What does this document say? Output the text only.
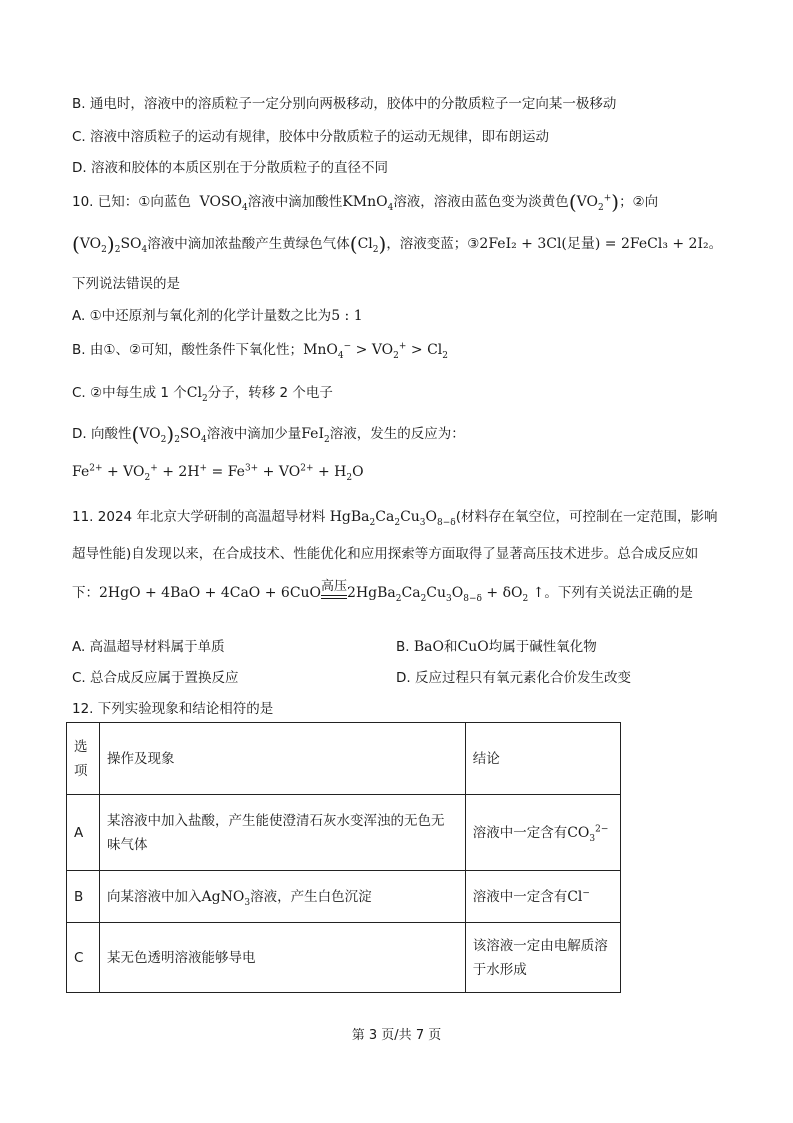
B. 通电时，溶液中的溶质粒子一定分别向两极移动，胶体中的分散质粒子一定向某一极移动
C. 溶液中溶质粒子的运动有规律，胶体中分散质粒子的运动无规律，即布朗运动
D. 溶液和胶体的本质区别在于分散质粒子的直径不同
10. 已知：①向蓝色  $VOSO_4$溶液中滴加酸性KMnO$_4$溶液，溶液由蓝色变为淡黄色$(VO_2^+)$；②向
$(VO_2)_2SO_4$溶液中滴加浓盐酸产生黄绿色气体$(Cl_2)$，溶液变蓝；③2FeI₂ + 3Cl(足量) = 2FeCl₃ + 2I₂。
下列说法错误的是
A. ①中还原剂与氧化剂的化学计量数之比为5 : 1
B. 由①、②可知，酸性条件下氧化性；$MnO_4^- > VO_2^+ > Cl_2$
C. ②中每生成 1 个$Cl_2$分子，转移 2 个电子
D. 向酸性$(VO_2)_2SO_4$溶液中滴加少量FeI$_2$溶液，发生的反应为：
$Fe^{2+} + VO_2^+ + 2H^+ = Fe^{3+} + VO^{2+} + H_2O$
11. 2024 年北京大学研制的高温超导材料 $HgBa_2Ca_2Cu_3O_{8-\delta}$(材料存在氧空位，可控制在一定范围，影响
超导性能)自发现以来，在合成技术、性能优化和应用探索等方面取得了显著高压技术进步。总合成反应如
下：2HgO + 4BaO + 4CaO + 6CuO 高压 $2HgBa_2Ca_2Cu_3O_{8-\delta} + \delta O_2$ ↑。下列有关说法正确的是
A. 高温超导材料属于单质	B. BaO和CuO均属于碱性氧化物
C. 总合成反应属于置换反应	D. 反应过程只有氧元素化合价发生改变
12. 下列实验现象和结论相符的是
选项	操作及现象	结论
A	某溶液中加入盐酸，产生能使澄清石灰水变浑浊的无色无味气体	溶液中一定含有$CO_3^{2-}$
B	向某溶液中加入AgNO$_3$溶液，产生白色沉淀	溶液中一定含有Cl−
C	某无色透明溶液能够导电	该溶液一定由电解质溶于水形成
第 3 页/共 7 页
